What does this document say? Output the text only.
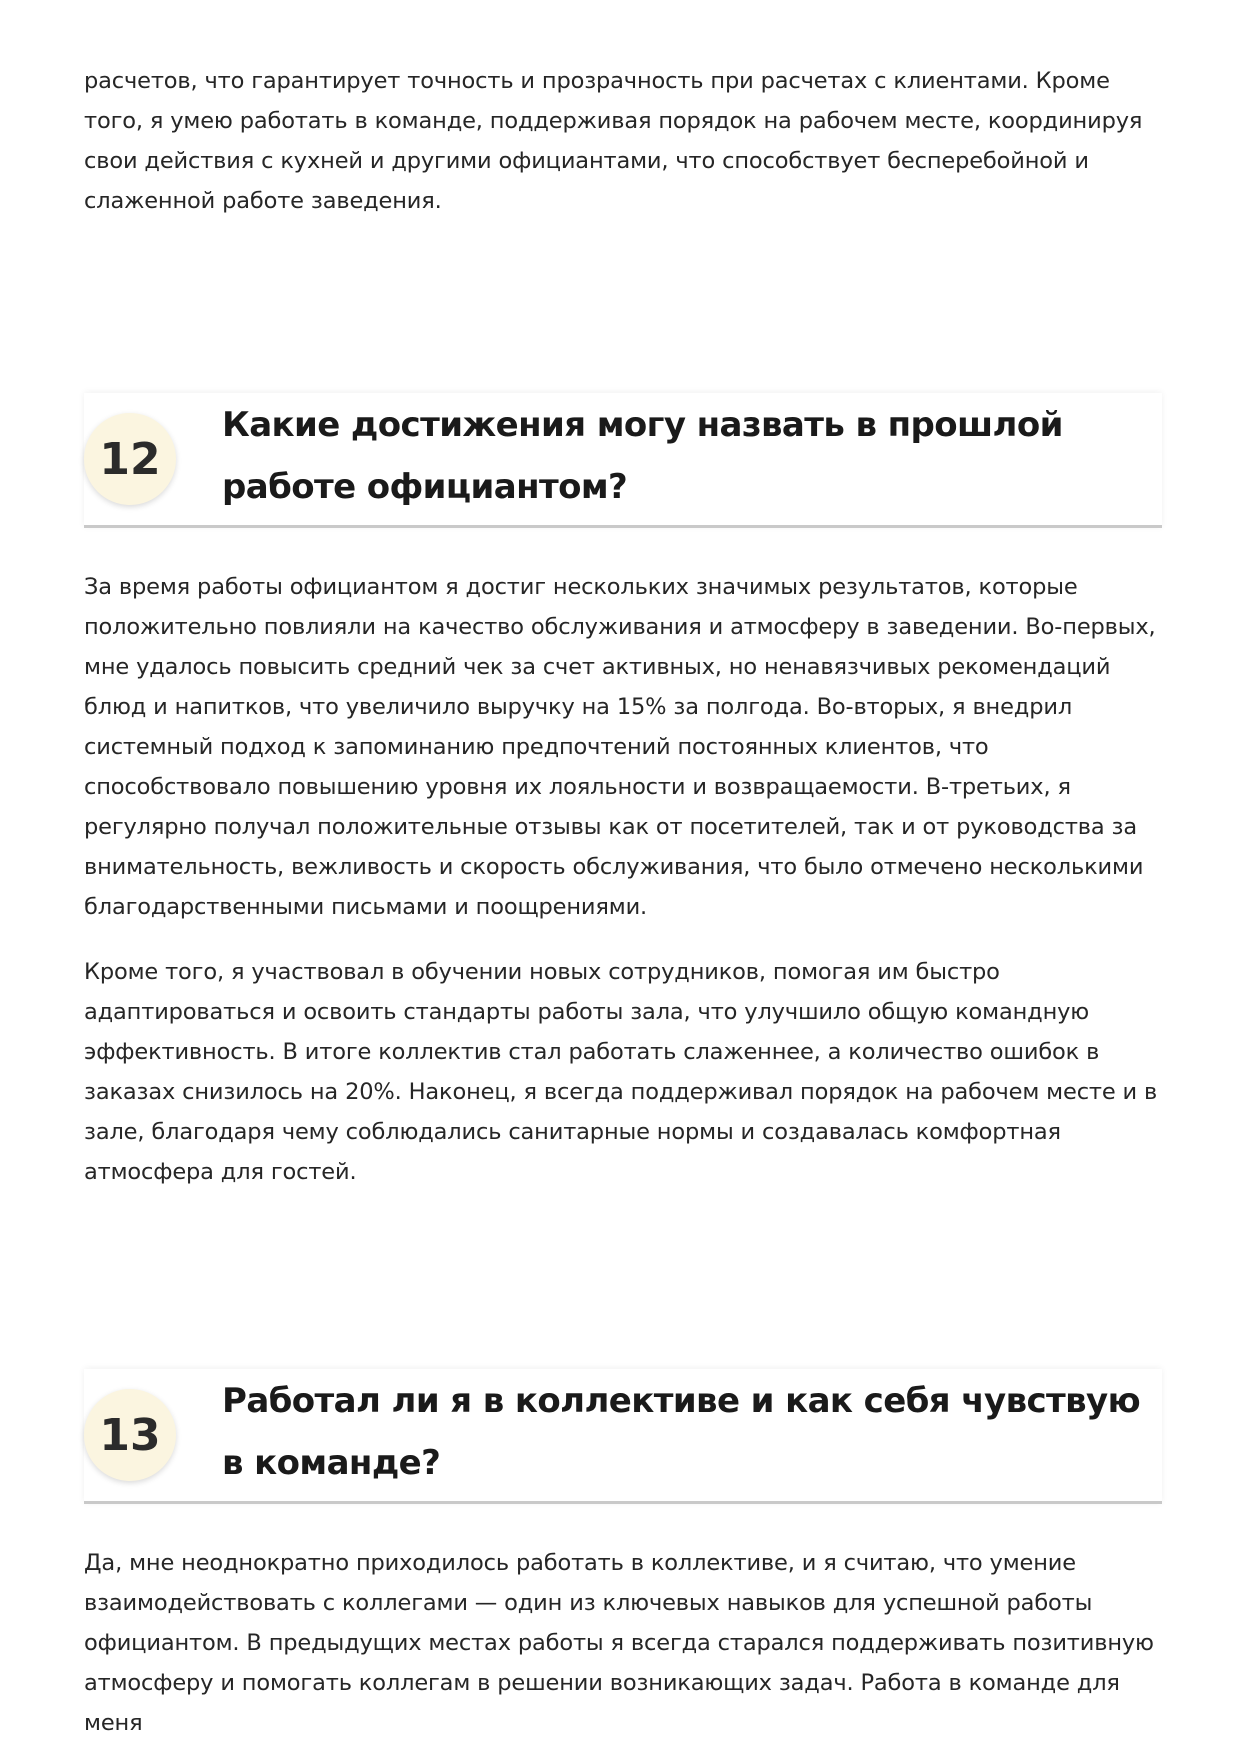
расчетов, что гарантирует точность и прозрачность при расчетах с клиентами. Кроме того, я умею работать в команде, поддерживая порядок на рабочем месте, координируя свои действия с кухней и другими официантами, что способствует бесперебойной и слаженной работе заведения.

12
Какие достижения могу назвать в прошлой работе официантом?

За время работы официантом я достиг нескольких значимых результатов, которые положительно повлияли на качество обслуживания и атмосферу в заведении. Во-первых, мне удалось повысить средний чек за счет активных, но ненавязчивых рекомендаций блюд и напитков, что увеличило выручку на 15% за полгода. Во-вторых, я внедрил системный подход к запоминанию предпочтений постоянных клиентов, что способствовало повышению уровня их лояльности и возвращаемости. В-третьих, я регулярно получал положительные отзывы как от посетителей, так и от руководства за внимательность, вежливость и скорость обслуживания, что было отмечено несколькими благодарственными письмами и поощрениями.

Кроме того, я участвовал в обучении новых сотрудников, помогая им быстро адаптироваться и освоить стандарты работы зала, что улучшило общую командную эффективность. В итоге коллектив стал работать слаженнее, а количество ошибок в заказах снизилось на 20%. Наконец, я всегда поддерживал порядок на рабочем месте и в зале, благодаря чему соблюдались санитарные нормы и создавалась комфортная атмосфера для гостей.

13
Работал ли я в коллективе и как себя чувствую в команде?

Да, мне неоднократно приходилось работать в коллективе, и я считаю, что умение взаимодействовать с коллегами — один из ключевых навыков для успешной работы официантом. В предыдущих местах работы я всегда старался поддерживать позитивную атмосферу и помогать коллегам в решении возникающих задач. Работа в команде для меня
